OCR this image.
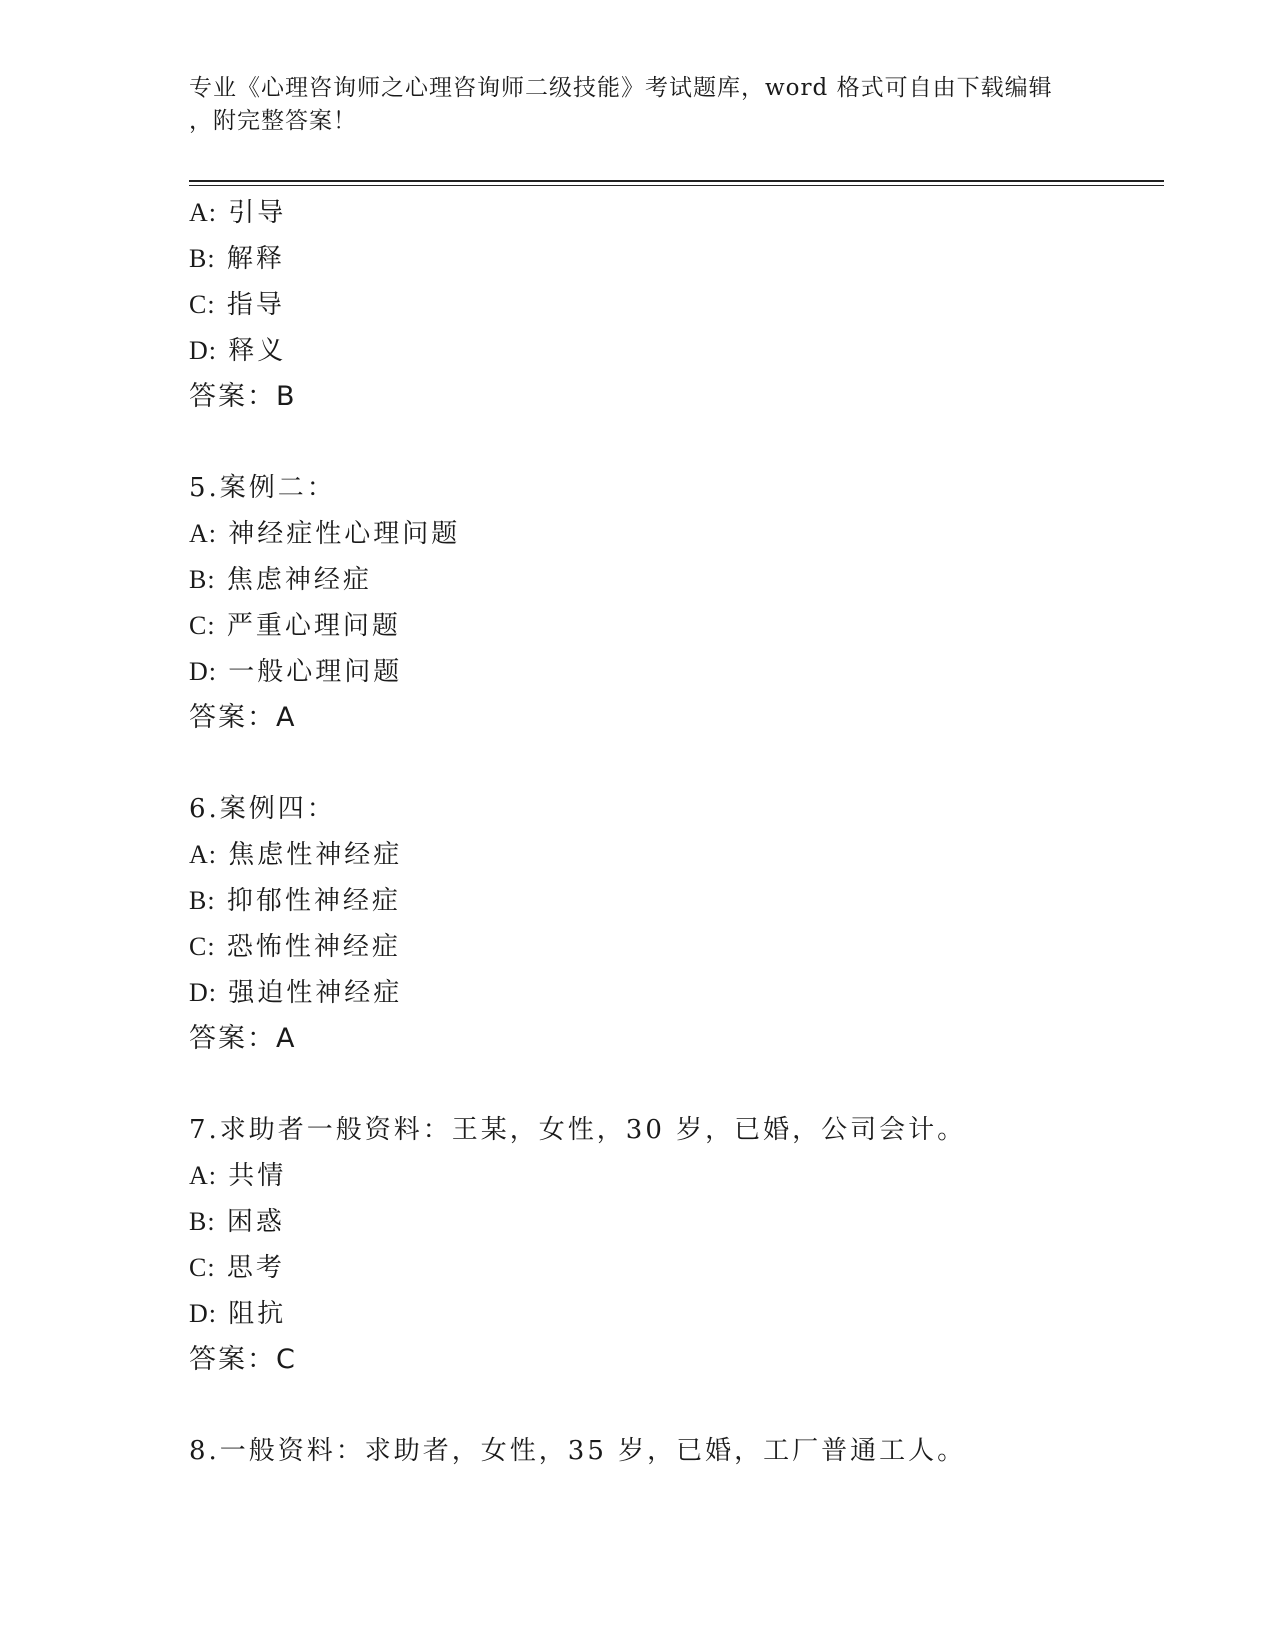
专业《心理咨询师之心理咨询师二级技能》考试题库，word 格式可自由下载编辑
，附完整答案！
A: 引导
B: 解释
C: 指导
D: 释义
答案：B
5.案例二：
A: 神经症性心理问题
B: 焦虑神经症
C: 严重心理问题
D: 一般心理问题
答案：A
6.案例四：
A: 焦虑性神经症
B: 抑郁性神经症
C: 恐怖性神经症
D: 强迫性神经症
答案：A
7.求助者一般资料：王某，女性，30 岁，已婚，公司会计。
A: 共情
B: 困惑
C: 思考
D: 阻抗
答案：C
8.一般资料：求助者，女性，35 岁，已婚，工厂普通工人。
